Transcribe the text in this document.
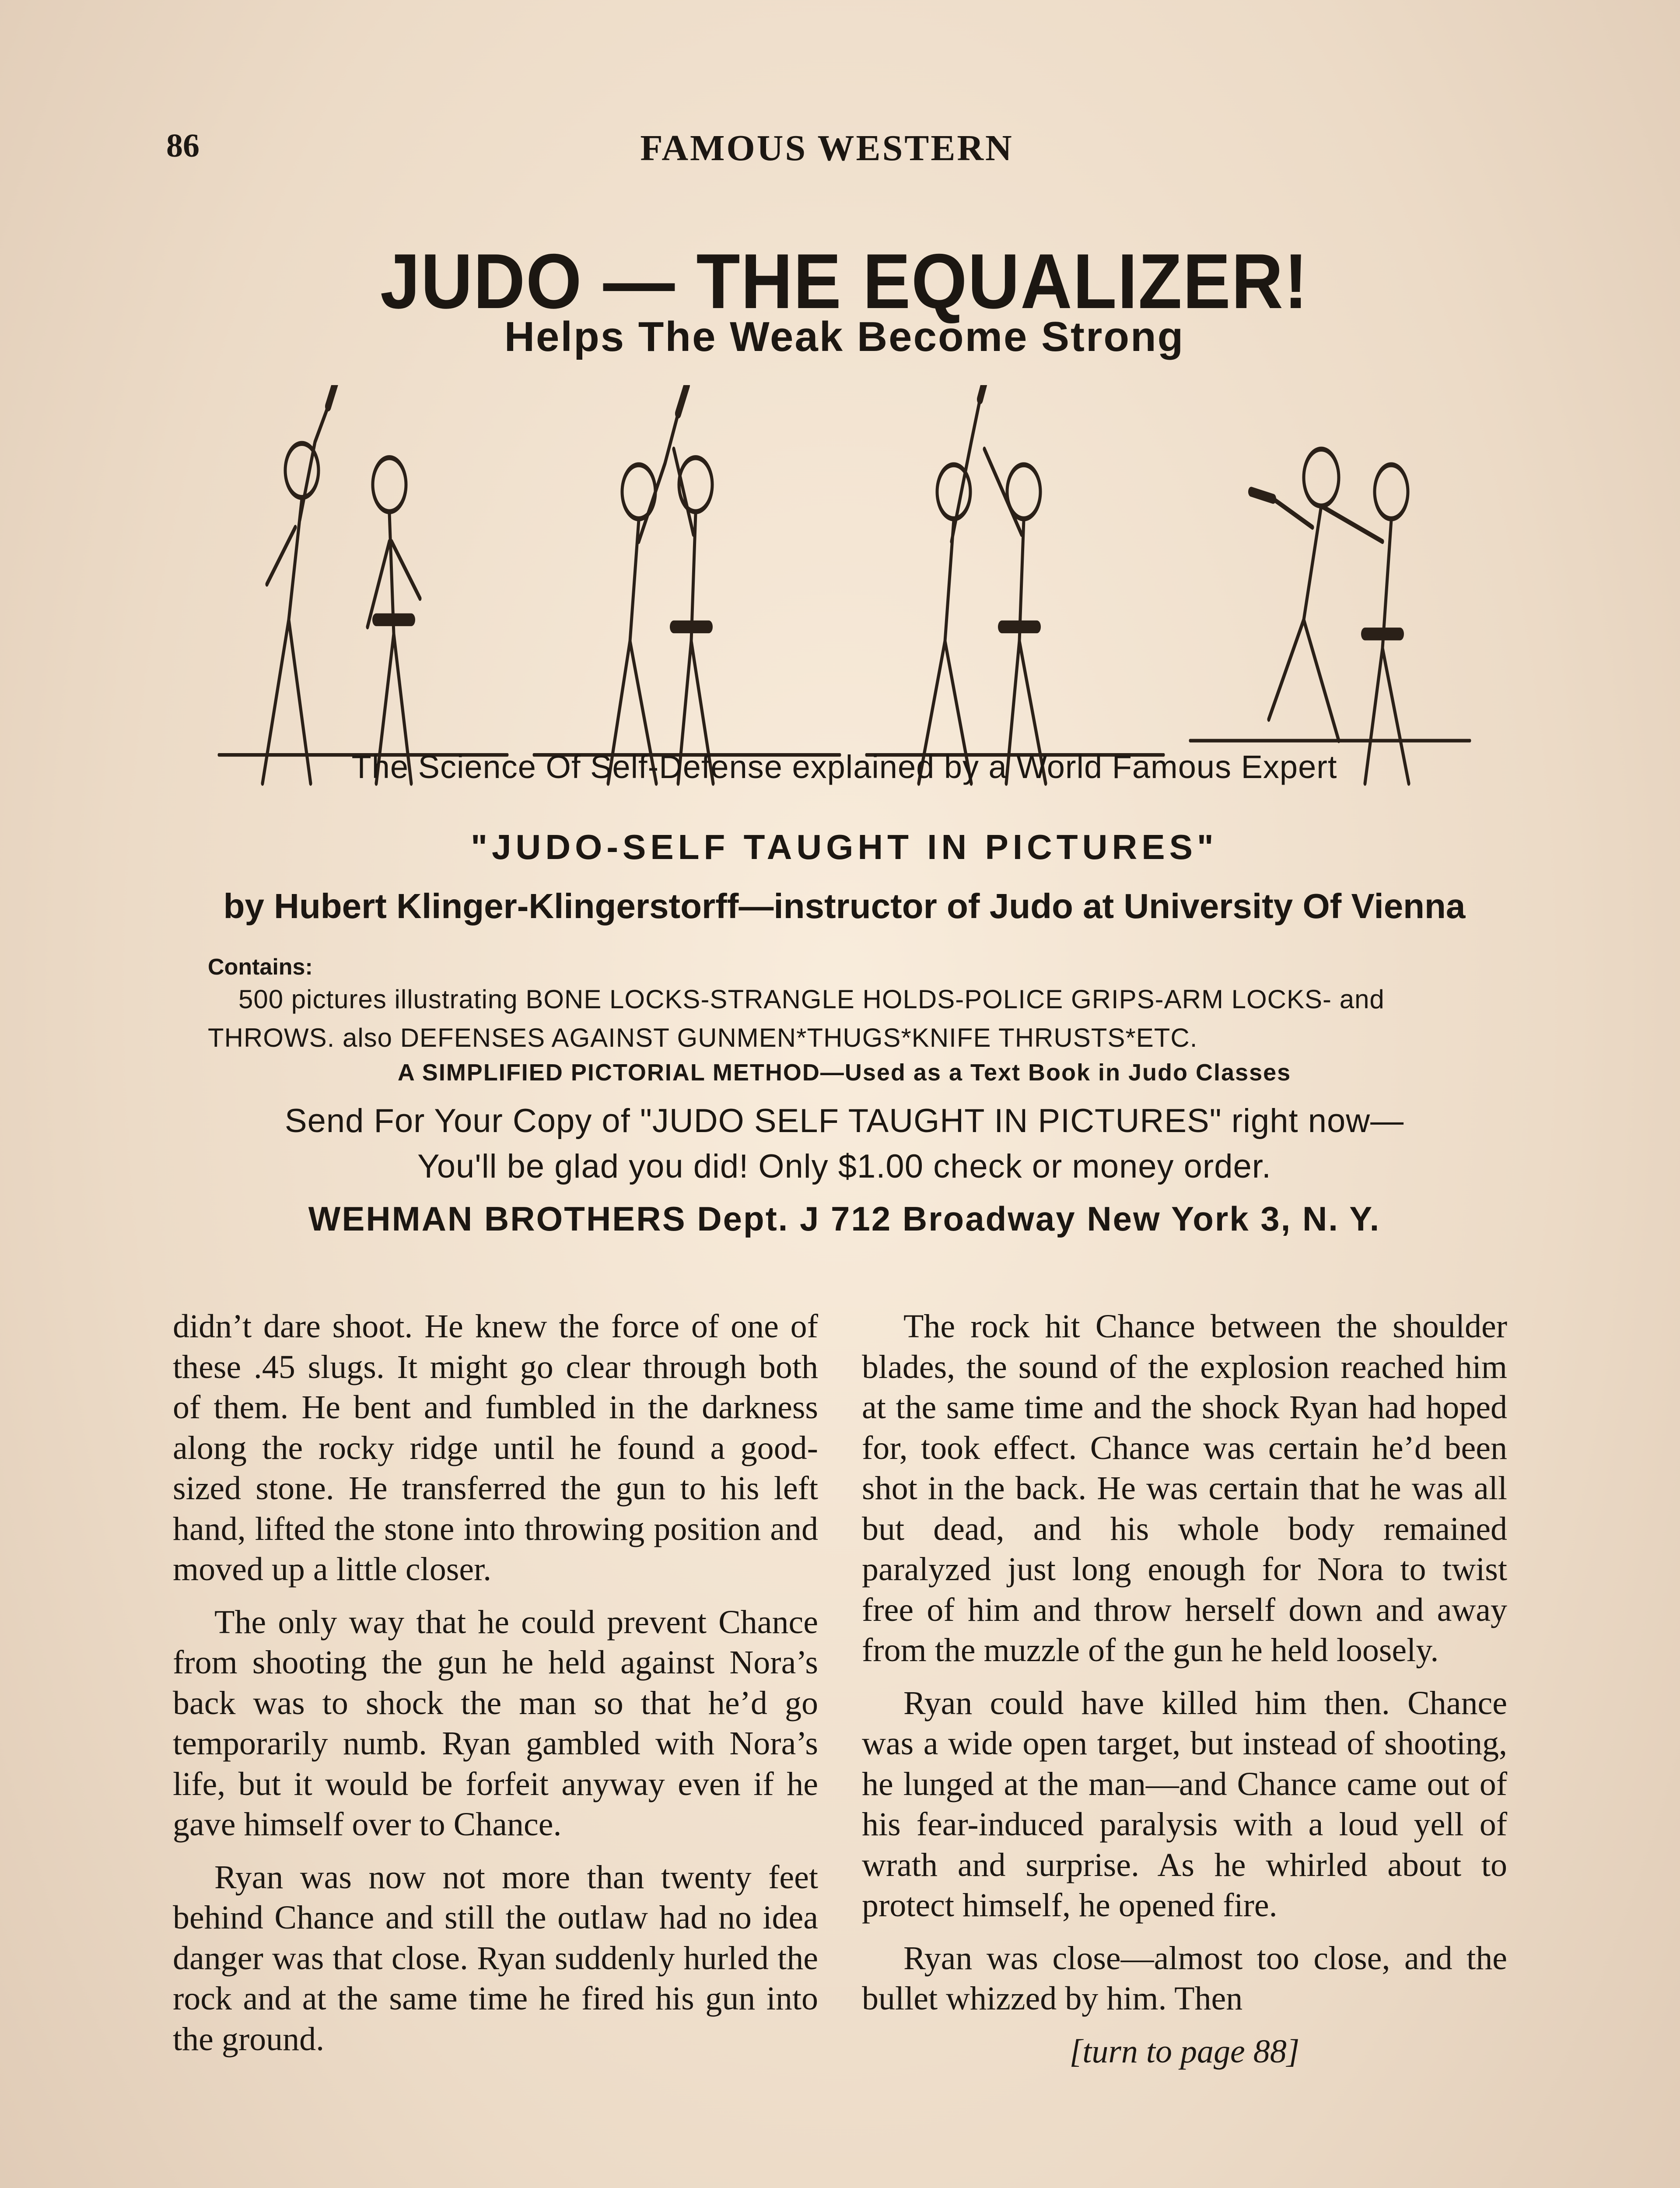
86	FAMOUS WESTERN
JUDO — THE EQUALIZER!
Helps The Weak Become Strong
The Science Of Self-Defense explained by a World Famous Expert
"JUDO-SELF TAUGHT IN PICTURES"
by Hubert Klinger-Klingerstorff—instructor of Judo at University Of Vienna
Contains:
500 pictures illustrating BONE LOCKS-STRANGLE HOLDS-POLICE GRIPS-ARM LOCKS- and
THROWS. also DEFENSES AGAINST GUNMEN*THUGS*KNIFE THRUSTS*ETC.
A SIMPLIFIED PICTORIAL METHOD—Used as a Text Book in Judo Classes
Send For Your Copy of "JUDO SELF TAUGHT IN PICTURES" right now—
You'll be glad you did! Only $1.00 check or money order.
WEHMAN BROTHERS Dept. J 712 Broadway New York 3, N. Y.

didn’t dare shoot. He knew the force of one of these .45 slugs. It might go clear through both of them. He bent and fumbled in the darkness along the rocky ridge until he found a good-sized stone. He transferred the gun to his left hand, lifted the stone into throwing position and moved up a little closer.

The only way that he could prevent Chance from shooting the gun he held against Nora’s back was to shock the man so that he’d go temporarily numb. Ryan gambled with Nora’s life, but it would be forfeit anyway even if he gave himself over to Chance.

Ryan was now not more than twenty feet behind Chance and still the outlaw had no idea danger was that close. Ryan suddenly hurled the rock and at the same time he fired his gun into the ground.

The rock hit Chance between the shoulder blades, the sound of the explosion reached him at the same time and the shock Ryan had hoped for, took effect. Chance was certain he’d been shot in the back. He was certain that he was all but dead, and his whole body remained paralyzed just long enough for Nora to twist free of him and throw herself down and away from the muzzle of the gun he held loosely.

Ryan could have killed him then. Chance was a wide open target, but instead of shooting, he lunged at the man—and Chance came out of his fear-induced paralysis with a loud yell of wrath and surprise. As he whirled about to protect himself, he opened fire.

Ryan was close—almost too close, and the bullet whizzed by him. Then

[turn to page 88]
